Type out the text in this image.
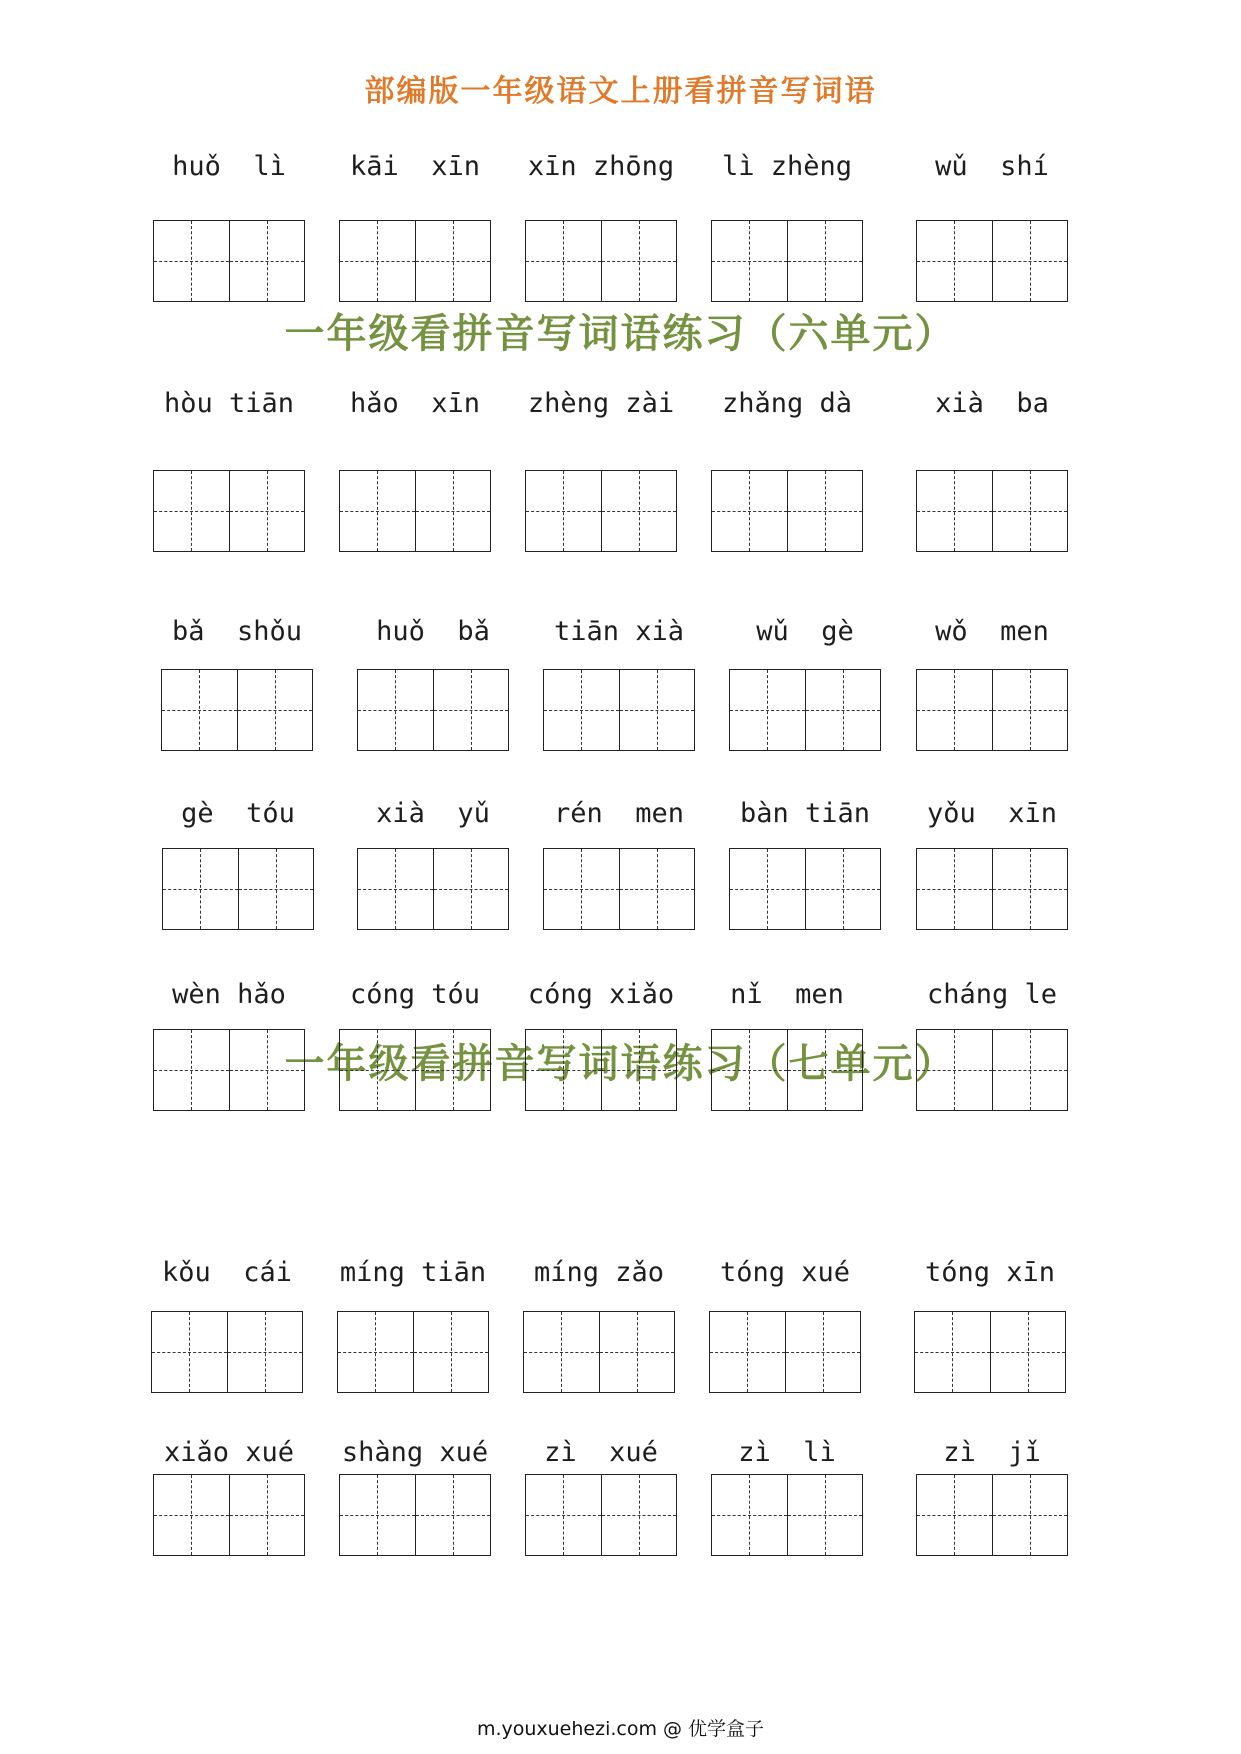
部编版一年级语文上册看拼音写词语
一年级看拼音写词语练习（六单元）
一年级看拼音写词语练习（七单元）
huǒ  lì	kāi  xīn	xīn zhōng	lì zhèng	wǔ  shí
hòu tiān	hǎo  xīn	zhèng zài	zhǎng dà	xià  ba
bǎ  shǒu	huǒ  bǎ	tiān xià	wǔ  gè	wǒ  men
gè  tóu	xià  yǔ	rén  men	bàn tiān	yǒu  xīn
wèn hǎo	cóng tóu	cóng xiǎo	nǐ  men	cháng le
kǒu  cái	míng tiān	míng zǎo	tóng xué	tóng xīn
xiǎo xué	shàng xué	zì  xué	zì  lì	zì  jǐ
m.youxuehezi.com @ 优学盒子
